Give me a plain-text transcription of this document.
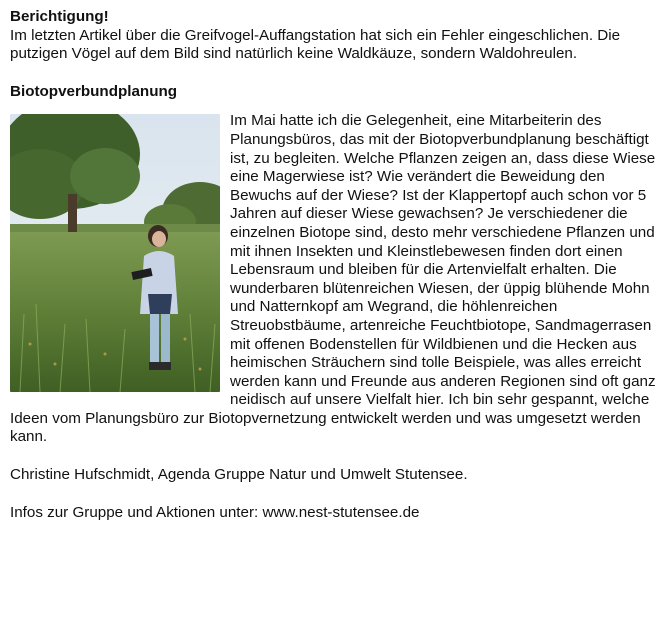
Berichtigung!

Im letzten Artikel über die Greifvogel-Auffangstation hat sich ein Fehler eingeschlichen. Die putzigen Vögel auf dem Bild sind natürlich keine Waldkäuze, sondern Waldohreulen.

Biotopverbundplanung

Im Mai hatte ich die Gelegenheit, eine Mitarbeiterin des Planungsbüros, das mit der Biotopverbundplanung beschäftigt ist, zu begleiten. Welche Pflanzen zeigen an, dass diese Wiese eine Magerwiese ist? Wie verändert die Beweidung den Bewuchs auf der Wiese? Ist der Klappertopf auch schon vor 5 Jahren auf dieser Wiese gewachsen? Je verschiedener die einzelnen Biotope sind, desto mehr verschiedene Pflanzen und mit ihnen Insekten und Kleinstlebewesen finden dort einen Lebensraum und bleiben für die Artenvielfalt erhalten. Die wunderbaren blütenreichen Wiesen, der üppig blühende Mohn und Natternkopf am Wegrand, die höhlenreichen Streuobstbäume, artenreiche Feuchtbiotope, Sandmagerrasen mit offenen Bodenstellen für Wildbienen und die Hecken aus heimischen Sträuchern sind tolle Beispiele, was alles erreicht werden kann und Freunde aus anderen Regionen sind oft ganz neidisch auf unsere Vielfalt hier. Ich bin sehr gespannt, welche Ideen vom Planungsbüro zur Biotopvernetzung entwickelt werden und was umgesetzt werden kann.

Christine Hufschmidt, Agenda Gruppe Natur und Umwelt Stutensee.

Infos zur Gruppe und Aktionen unter: www.nest-stutensee.de
